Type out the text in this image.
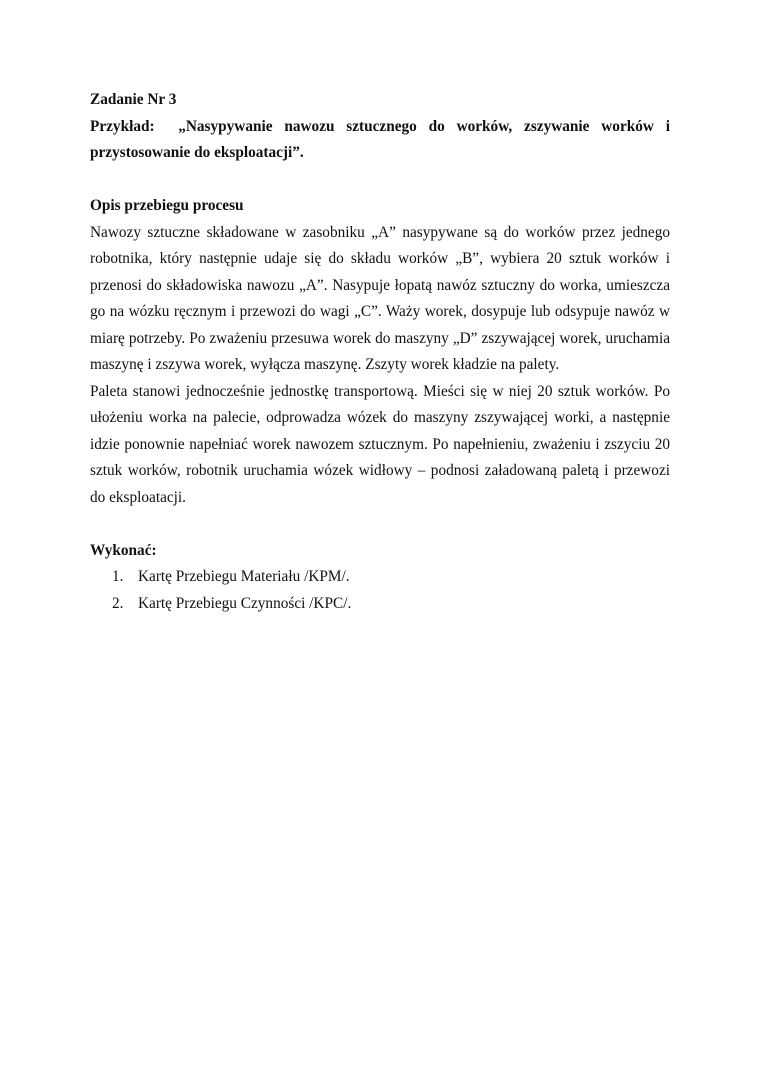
Zadanie Nr 3

Przykład: „Nasypywanie nawozu sztucznego do worków, zszywanie worków i przystosowanie do eksploatacji”.

Opis przebiegu procesu

Nawozy sztuczne składowane w zasobniku „A” nasypywane są do worków przez jednego robotnika, który następnie udaje się do składu worków „B”, wybiera 20 sztuk worków i przenosi do składowiska nawozu „A”. Nasypuje łopatą nawóz sztuczny do worka, umieszcza go na wózku ręcznym i przewozi do wagi „C”. Waży worek, dosypuje lub odsypuje nawóz w miarę potrzeby. Po zważeniu przesuwa worek do maszyny „D” zszywającej worek, uruchamia maszynę i zszywa worek, wyłącza maszynę. Zszyty worek kładzie na palety.

Paleta stanowi jednocześnie jednostkę transportową. Mieści się w niej 20 sztuk worków. Po ułożeniu worka na palecie, odprowadza wózek do maszyny zszywającej worki, a następnie idzie ponownie napełniać worek nawozem sztucznym. Po napełnieniu, zważeniu i zszyciu 20 sztuk worków, robotnik uruchamia wózek widłowy – podnosi załadowaną paletą i przewozi do eksploatacji.

Wykonać:

1. Kartę Przebiegu Materiału /KPM/.
2. Kartę Przebiegu Czynności /KPC/.
